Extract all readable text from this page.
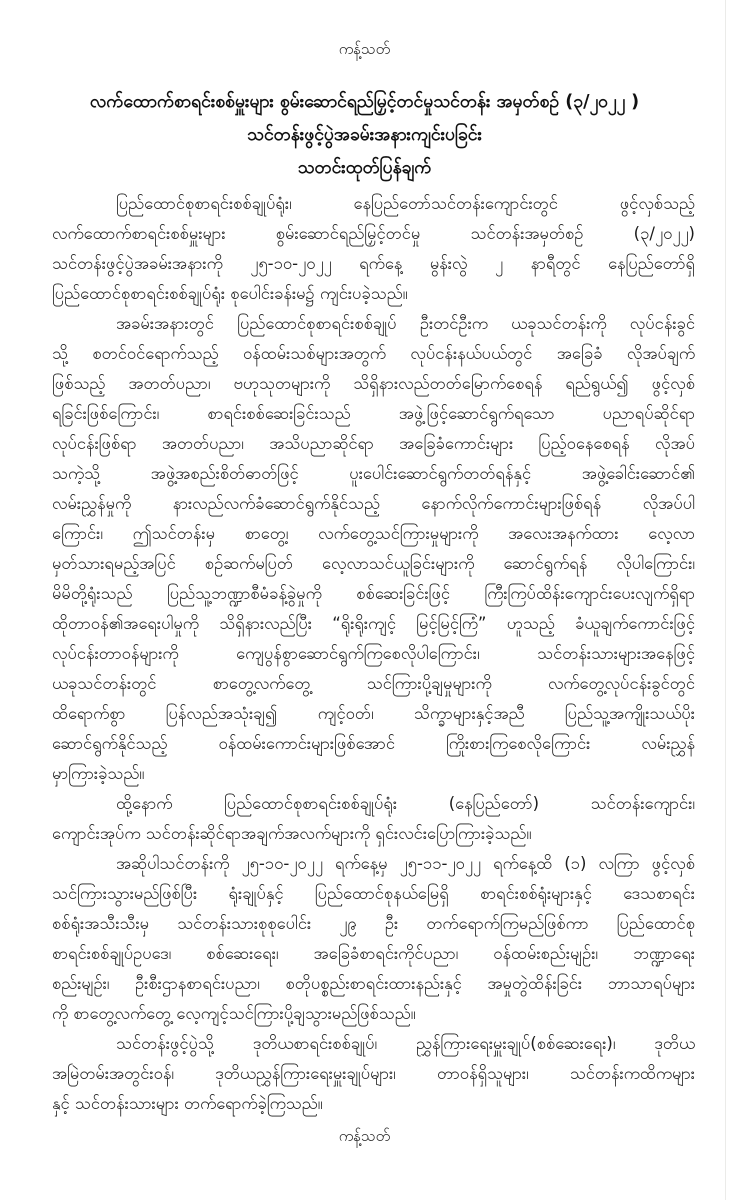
ကန့်သတ်
လက်ထောက်စာရင်းစစ်မှူးများ စွမ်းဆောင်ရည်မြှင့်တင်မှုသင်တန်း အမှတ်စဉ် (၃/၂၀၂၂ )
သင်တန်းဖွင့်ပွဲအခမ်းအနားကျင်းပခြင်း
သတင်းထုတ်ပြန်ချက်
ပြည်ထောင်စုစာရင်းစစ်ချုပ်ရုံး၊ နေပြည်တော်သင်တန်းကျောင်းတွင် ဖွင့်လှစ်သည့်
လက်ထောက်စာရင်းစစ်မှူးများ စွမ်းဆောင်ရည်မြှင့်တင်မှု သင်တန်းအမှတ်စဉ် (၃/၂၀၂၂)
သင်တန်းဖွင့်ပွဲအခမ်းအနားကို ၂၅-၁၀-၂၀၂၂ ရက်နေ့ မွန်းလွဲ ၂ နာရီတွင် နေပြည်တော်ရှိ
ပြည်ထောင်စုစာရင်းစစ်ချုပ်ရုံး စုပေါင်းခန်းမ၌ ကျင်းပခဲ့သည်။
အခမ်းအနားတွင် ပြည်ထောင်စုစာရင်းစစ်ချုပ် ဦးတင်ဦးက ယခုသင်တန်းကို လုပ်ငန်းခွင်
သို့ စတင်ဝင်ရောက်သည့် ဝန်ထမ်းသစ်များအတွက် လုပ်ငန်းနယ်ပယ်တွင် အခြေခံ လိုအပ်ချက်
ဖြစ်သည့် အတတ်ပညာ၊ ဗဟုသုတများကို သိရှိနားလည်တတ်မြောက်စေရန် ရည်ရွယ်၍ ဖွင့်လှစ်
ရခြင်းဖြစ်ကြောင်း၊ စာရင်းစစ်ဆေးခြင်းသည် အဖွဲ့ဖြင့်ဆောင်ရွက်ရသော ပညာရပ်ဆိုင်ရာ
လုပ်ငန်းဖြစ်ရာ အတတ်ပညာ၊ အသိပညာဆိုင်ရာ အခြေခံကောင်းများ ပြည့်ဝနေစေရန် လိုအပ်
သကဲ့သို့ အဖွဲ့အစည်းစိတ်ဓာတ်ဖြင့် ပူးပေါင်းဆောင်ရွက်တတ်ရန်နှင့် အဖွဲ့ခေါင်းဆောင်၏
လမ်းညွှန်မှုကို နားလည်လက်ခံဆောင်ရွက်နိုင်သည့် နောက်လိုက်ကောင်းများဖြစ်ရန် လိုအပ်ပါ
ကြောင်း၊ ဤသင်တန်းမှ စာတွေ့၊ လက်တွေ့သင်ကြားမှုများကို အလေးအနက်ထား လေ့လာ
မှတ်သားရမည့်အပြင် စဉ်ဆက်မပြတ် လေ့လာသင်ယူခြင်းများကို ဆောင်ရွက်ရန် လိုပါကြောင်း၊
မိမိတို့ရုံးသည် ပြည်သူ့ဘဏ္ဍာစီမံခန့်ခွဲမှုကို စစ်ဆေးခြင်းဖြင့် ကြီးကြပ်ထိန်းကျောင်းပေးလျက်ရှိရာ
ထိုတာဝန်၏အရေးပါမှုကို သိရှိနားလည်ပြီး “ရိုးရိုးကျင့် မြင့်မြင့်ကြံ” ဟူသည့် ခံယူချက်ကောင်းဖြင့်
လုပ်ငန်းတာဝန်များကို ကျေပွန်စွာဆောင်ရွက်ကြစေလိုပါကြောင်း၊ သင်တန်းသားများအနေဖြင့်
ယခုသင်တန်းတွင် စာတွေ့လက်တွေ့ သင်ကြားပို့ချမှုများကို လက်တွေ့လုပ်ငန်းခွင်တွင်
ထိရောက်စွာ ပြန်လည်အသုံးချ၍ ကျင့်ဝတ်၊ သိက္ခာများနှင့်အညီ ပြည်သူ့အကျိုးသယ်ပိုး
ဆောင်ရွက်နိုင်သည့် ဝန်ထမ်းကောင်းများဖြစ်အောင် ကြိုးစားကြစေလိုကြောင်း လမ်းညွှန်
မှာကြားခဲ့သည်။
ထို့နောက် ပြည်ထောင်စုစာရင်းစစ်ချုပ်ရုံး (နေပြည်တော်) သင်တန်းကျောင်း၊
ကျောင်းအုပ်က သင်တန်းဆိုင်ရာအချက်အလက်များကို ရှင်းလင်းပြောကြားခဲ့သည်။
အဆိုပါသင်တန်းကို ၂၅-၁၀-၂၀၂၂ ရက်နေ့မှ ၂၅-၁၁-၂၀၂၂ ရက်နေ့ထိ (၁) လကြာ ဖွင့်လှစ်
သင်ကြားသွားမည်ဖြစ်ပြီး ရုံးချုပ်နှင့် ပြည်ထောင်စုနယ်မြေရှိ စာရင်းစစ်ရုံးများနှင့် ဒေသစာရင်း
စစ်ရုံးအသီးသီးမှ သင်တန်းသားစုစုပေါင်း ၂၉ ဦး တက်ရောက်ကြမည်ဖြစ်ကာ ပြည်ထောင်စု
စာရင်းစစ်ချုပ်ဥပဒေ၊ စစ်ဆေးရေး၊ အခြေခံစာရင်းကိုင်ပညာ၊ ဝန်ထမ်းစည်းမျဉ်း၊ ဘဏ္ဍာရေး
စည်းမျဉ်း၊ ဦးစီးဌာနစာရင်းပညာ၊ စတိုပစ္စည်းစာရင်းထားနည်းနှင့် အမှုတွဲထိန်းခြင်း ဘာသာရပ်များ
ကို စာတွေ့လက်တွေ့ လေ့ကျင့်သင်ကြားပို့ချသွားမည်ဖြစ်သည်။
သင်တန်းဖွင့်ပွဲသို့ ဒုတိယစာရင်းစစ်ချုပ်၊ ညွှန်ကြားရေးမှူးချုပ်(စစ်ဆေးရေး)၊ ဒုတိယ
အမြဲတမ်းအတွင်းဝန်၊ ဒုတိယညွှန်ကြားရေးမှူးချုပ်များ၊ တာဝန်ရှိသူများ၊ သင်တန်းကထိကများ
နှင့် သင်တန်းသားများ တက်ရောက်ခဲ့ကြသည်။
ကန့်သတ်
